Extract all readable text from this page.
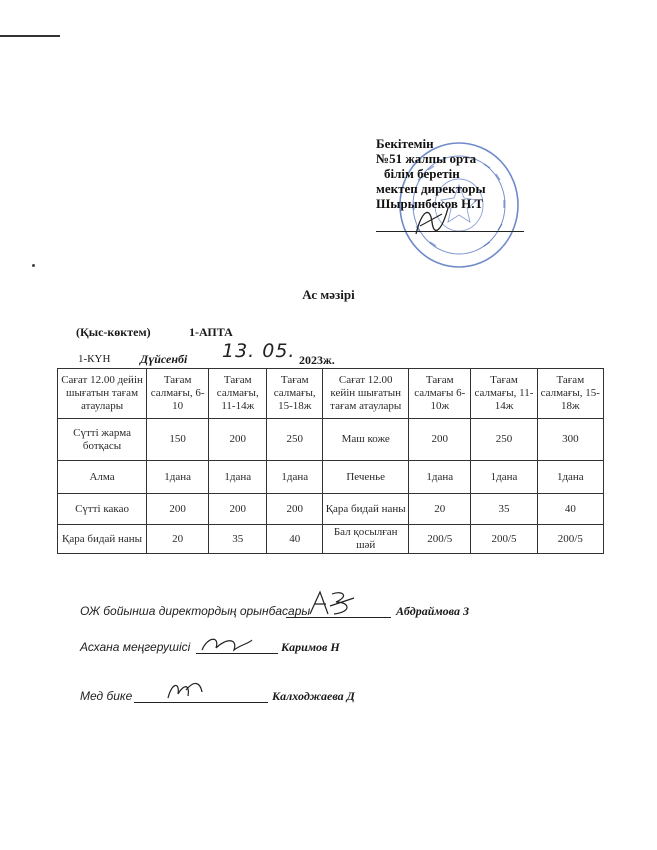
Бекітемін
№51 жалпы орта
білім беретін
мектеп директоры
Шырынбеков Н.Т
Ас мәзірі
(Қыс-көктем)	1-АПТА
1-КҮН Дүйсенбі 13. 05. 2023ж.
Сағат 12.00 дейін шығатын тағам атаулары	Тағам салмағы, 6-10	Тағам салмағы, 11-14ж	Тағам салмағы, 15-18ж	Сағат 12.00 кейін шығатын тағам атаулары	Тағам салмағы 6-10ж	Тағам салмағы, 11-14ж	Тағам салмағы, 15-18ж
Сүтті жарма ботқасы	150	200	250	Маш коже	200	250	300
Алма	1дана	1дана	1дана	Печенье	1дана	1дана	1дана
Сүтті какао	200	200	200	Қара бидай наны	20	35	40
Қара бидай наны	20	35	40	Бал қосылған шәй	200/5	200/5	200/5
ОЖ бойынша директордың орынбасары	Абдраймова З
Асхана меңгерушісі	Каримов Н
Мед бике	Калходжаева Д
